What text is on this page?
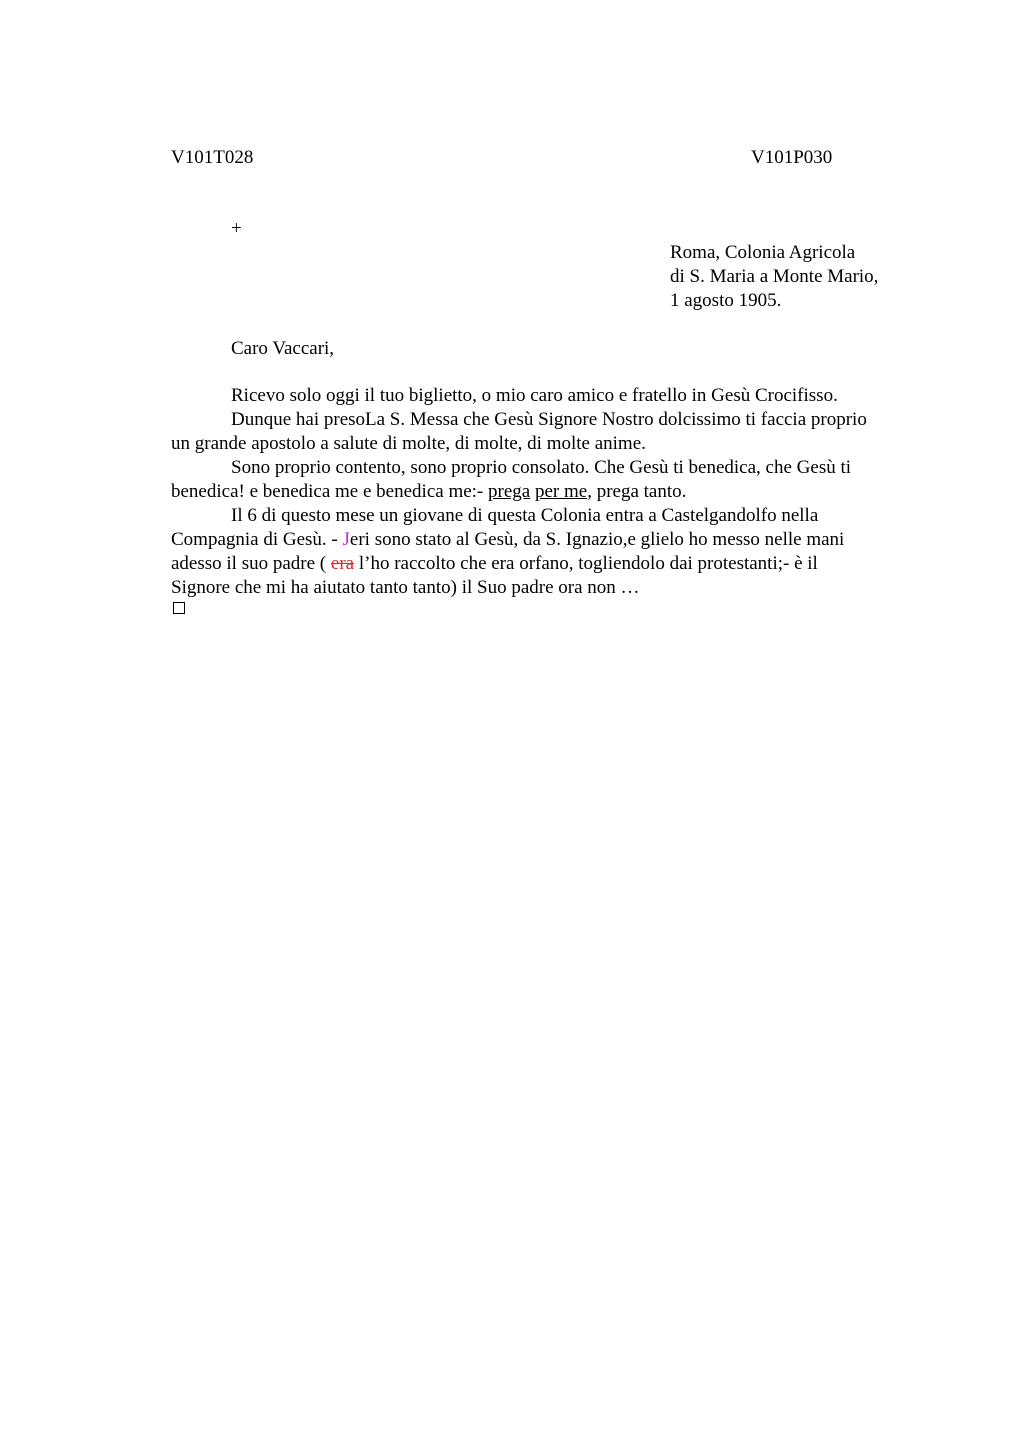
V101T028	V101P030
+
Roma, Colonia Agricola
di S. Maria a Monte Mario,
1 agosto 1905.
Caro Vaccari,

Ricevo solo oggi il tuo biglietto, o mio caro amico e fratello in Gesù Crocifisso.

Dunque hai presoLa S. Messa che Gesù Signore Nostro dolcissimo ti faccia proprio

un grande apostolo a salute di molte, di molte, di molte anime.

Sono proprio contento, sono proprio consolato. Che Gesù ti benedica, che Gesù ti

benedica! e benedica me e benedica me:- prega per me, prega tanto.

Il 6 di questo mese un giovane di questa Colonia entra a Castelgandolfo nella

Compagnia di Gesù. - Jeri sono stato al Gesù, da S. Ignazio,e glielo ho messo nelle mani
adesso il suo padre ( era l’ho raccolto che era orfano, togliendolo dai protestanti;- è il
Signore che mi ha aiutato tanto tanto) il Suo padre ora non …
